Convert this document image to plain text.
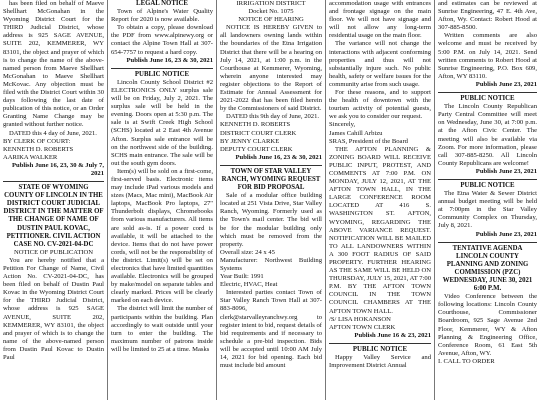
has been filed on behalf of Maeve Shellhart McGonahan in the Wyoming District Court for the THIRD Judicial District, whose address is 925 SAGE AVENUE, SUITE 202, KEMMERER, WY 83101, the object and prayer of which is to change the name of the above-named person from Maeve Shellhart McGonahan to Maeve Shellhart McKovac. Any objection must be filed with the District Court within 30 days following the last date of publication of this notice, or an Order Granting Name Change may be granted without further notice.

DATED this 4 day of June, 2021.

BY CLERK OF COURT:

KENNETH D. ROBERTS

AARIKA WALKER

Publish June 16, 23, 30 & July 7, 2021

STATE OF WYOMING COUNTY OF LINCOLN IN THE DISTRICT COURT JUDICIAL DISTRICT IN THE MATTER OF THE CHANGE OF NAME OF DUSTIN PAUL KOVAC, PETITIONER. CIVIL ACTION CASE NO. CV-2021-04-DC

NOTICE OF PUBLICATION

You are hereby notified that a Petition For Change of Name, Civil Action No. CV-2021-04-DC, has been filed on behalf of Dustin Paul Kovac in the Wyoming District Court for the THIRD Judicial District, whose address is 925 SAGE AVENUE, SUITE 202, KEMMERER, WY 83101, the object and prayer of which is to change the name of the above-named person from Dustin Paul Kovac to Dustin Paul

LEGAL NOTICE

Town of Alpine's Water Quality Report for 2020 is now available.

To obtain a copy, please download the PDF from www.alpinewy.org or contact the Alpine Town Hall at 307-654-7757 to request a hard copy.

Publish June 16, 23 & 30, 2021

PUBLIC NOTICE

Lincoln County School District #2 ELECTRONICS ONLY surplus sale will be on Friday, July 2, 2021. The surplus sale will be held in the evening. Doors open at 5:30 p.m. The sale is at Swift Creek High School (SCHS) located at 2 East 4th Avenue Afton. Surplus sale entrance will be on the northwest side of the building. SCHS main entrance. The sale will be out the south gym doors.

Item(s) will be sold on a first-come, first-served basis. Electronic items may include iPad various models and sizes (Macs, Mac mini), MacBook Air laptops, MacBook Pro laptops, 27" Thunderbolt displays, Chromebooks from various manufacturers. All items are sold as-is. If a power cord is available, it will be attached to the device. Items that do not have power cords, will not be the responsibility of the district. Limit(s) will be set on electronics that have limited quantities available. Electronics will be grouped by make/model on separate tables and clearly marked. Prices will be clearly marked on each device.

The district will limit the number of participants within the building. Plan accordingly to wait outside until your turn to enter the building. The maximum number of patrons inside will be limited to 25 at a time. Masks

IRRIGATION DISTRICT

Docket No. 1075

NOTICE OF HEARING

NOTICE IS HEREBY GIVEN to all landowners owning lands within the boundaries of the Etna Irrigation District that there will be a hearing on July 14, 2021, at 1:00 p.m. in the Courthouse at Kemmerer, Wyoming, wherein anyone interested may register objections to the Report of Estimate for Annual Assessment for 2021-2022 that has been filed herein by the Commissioners of said District.

DATED this 9th day of June, 2021.

KENNETH D. ROBERTS

DISTRICT COURT CLERK

BY JENNY CLARKE

DEPUTY COURT CLERK

Publish June 16, 23 & 30, 2021

TOWN OF STAR VALLEY RANCH, WYOMING REQUEST FOR BID PROPOSAL

Sale of a modular office building located at 251 Vista Drive, Star Valley Ranch, Wyoming. Formerly used as the Town's mail center. The bid will be for the modular building only which must be removed from the property.

Overall size: 24 x 45

Manufacturer: Northwest Building Systems

Year Built: 1991

Electric, HVAC, Heat

Interested parties contact Town of Star Valley Ranch Town Hall at 307-883-8096, clerk@starvalleyranchwy.org to register intent to bid, request details of bid requirements and if necessary to schedule a pre-bid inspection. Bids will be accepted until 10:00 AM July 14, 2021 for bid opening. Each bid must include bid amount

accommodation usage with entrances and frontage signage on the main floor. We will not have signage and will not allow any long-term residential usage on the main floor.

The variance will not change the interactions with adjacent conforming properties and thus will not substantially injure such. No public health, safety or welfare issues for the community arise from such usage.

For these reasons, and to support the health of downtown with the tourism activity of potential guests, we ask you to consider our request.

Sincerely,

James Cahill Arbizu

SRAS, President of the Board

THE AFTON PLANNING & ZONING BOARD WILL RECEIVE PUBLIC INPUT, PROTEST, AND COMMENTS AT 7:00 P.M. ON MONDAY, JULY 12, 2021, AT THE AFTON TOWN HALL, IN THE LARGE CONFERENCE ROOM LOCATED AT 416 S. WASHINGTON ST. AFTON, WYOMING, REGARDING THE ABOVE VARIANCE REQUEST. NOTIFICATION WILL BE MAILED TO ALL LANDOWNERS WITHIN A 300 FOOT RADIUS OF SAID PROPERTY. FURTHER HEARING AS THE SAME WILL BE HELD ON THURSDAY, JULY 15, 2021, AT 7:00 P.M. BY THE AFTON TOWN COUNCIL IN THE TOWN COUNCIL CHAMBERS AT THE AFTON TOWN HALL.

/S/ LISA HOKANSON

AFTON TOWN CLERK

Publish June 16 & 23, 2021

PUBLIC NOTICE

Happy Valley Service and Improvement District Annual

and estimates can be reviewed at Sunrise Engineering, 47 E. 4th Ave, Afton, Wy. Contact: Robert Hood at 307-885-8500.

Written comments are also welcome and must be received by 5:00 P.M. on July 14, 2021. Send written comments to Robert Hood at Sunrise Engineering, P.O. Box 609, Afton, WY 83110.

Publish June 23, 2021

PUBLIC NOTICE

The Lincoln County Republican Party Central Committee will meet on Wednesday, June 30, at 7:00 p.m. at the Afton Civic Center. The meeting will also be available via Zoom. For more information, please call 307-885-8250. All Lincoln County Republicans are welcome!

Publish June 23, 2021

PUBLIC NOTICE

The Etna Water & Sewer District annual budget meeting will be held at 7:00pm in the Star Valley Community Complex on Thursday, July 8, 2021.

Publish June 23, 2021

TENTATIVE AGENDA LINCOLN COUNTY PLANNING AND ZONING COMMISSION (PZC) WEDNESDAY, JUNE 30, 2021 6:00 P.M.

Video Conference between the following locations: Lincoln County Courthouse, Commissioner Boardroom, 925 Sage Avenue 2nd Floor, Kemmerer, WY & Afton Planning & Engineering Office, Conference Room, 61 East 5th Avenue, Afton, WY.

I. CALL TO ORDER
